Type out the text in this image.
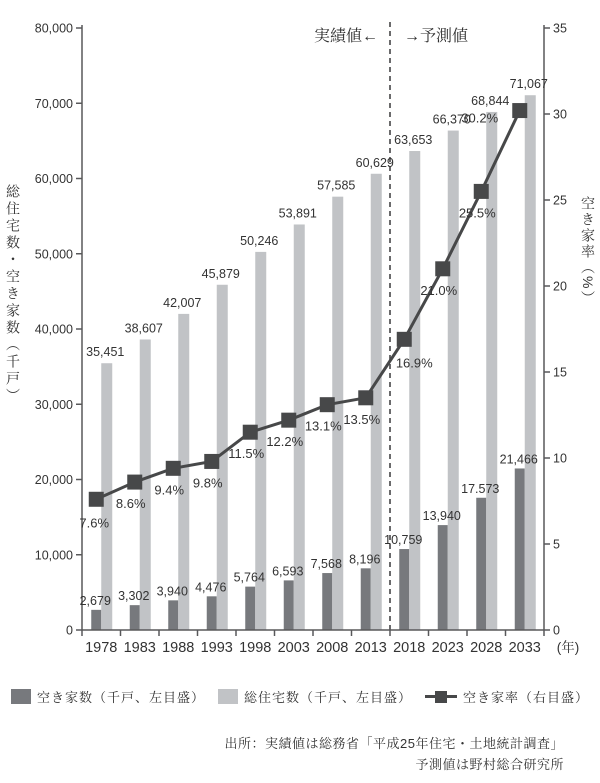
0
10,000
20,000
30,000
40,000
50,000
60,000
70,000
80,000
0
5
10
15
20
25
30
35
1978 1983 1988 1993 1998 2003 2008 2013 2018 2023 2028 2033 (年)
35,451
2,679
38,607
3,302
42,007
3,940
45,879
4,476
50,246
5,764
53,891
6,593
57,585
7,568
60,629
8,196
63,653
10,759
66,370
13,940
68,844
17.573
71,067
21,466
7.6%
8.6%
9.4% 9.8%
11.5%
12.2%
13.1% 13.5%
16.9%
21.0%
25.5%
30.2%
実績値← →予測値
総住宅数・空き家数（千戸）	空き家率（%）
空き家数（千戸、左目盛）	総住宅数（千戸、左目盛）	空き家率（右目盛）
出所：実績値は総務省「平成25年住宅・土地統計調査」
予測値は野村総合研究所
